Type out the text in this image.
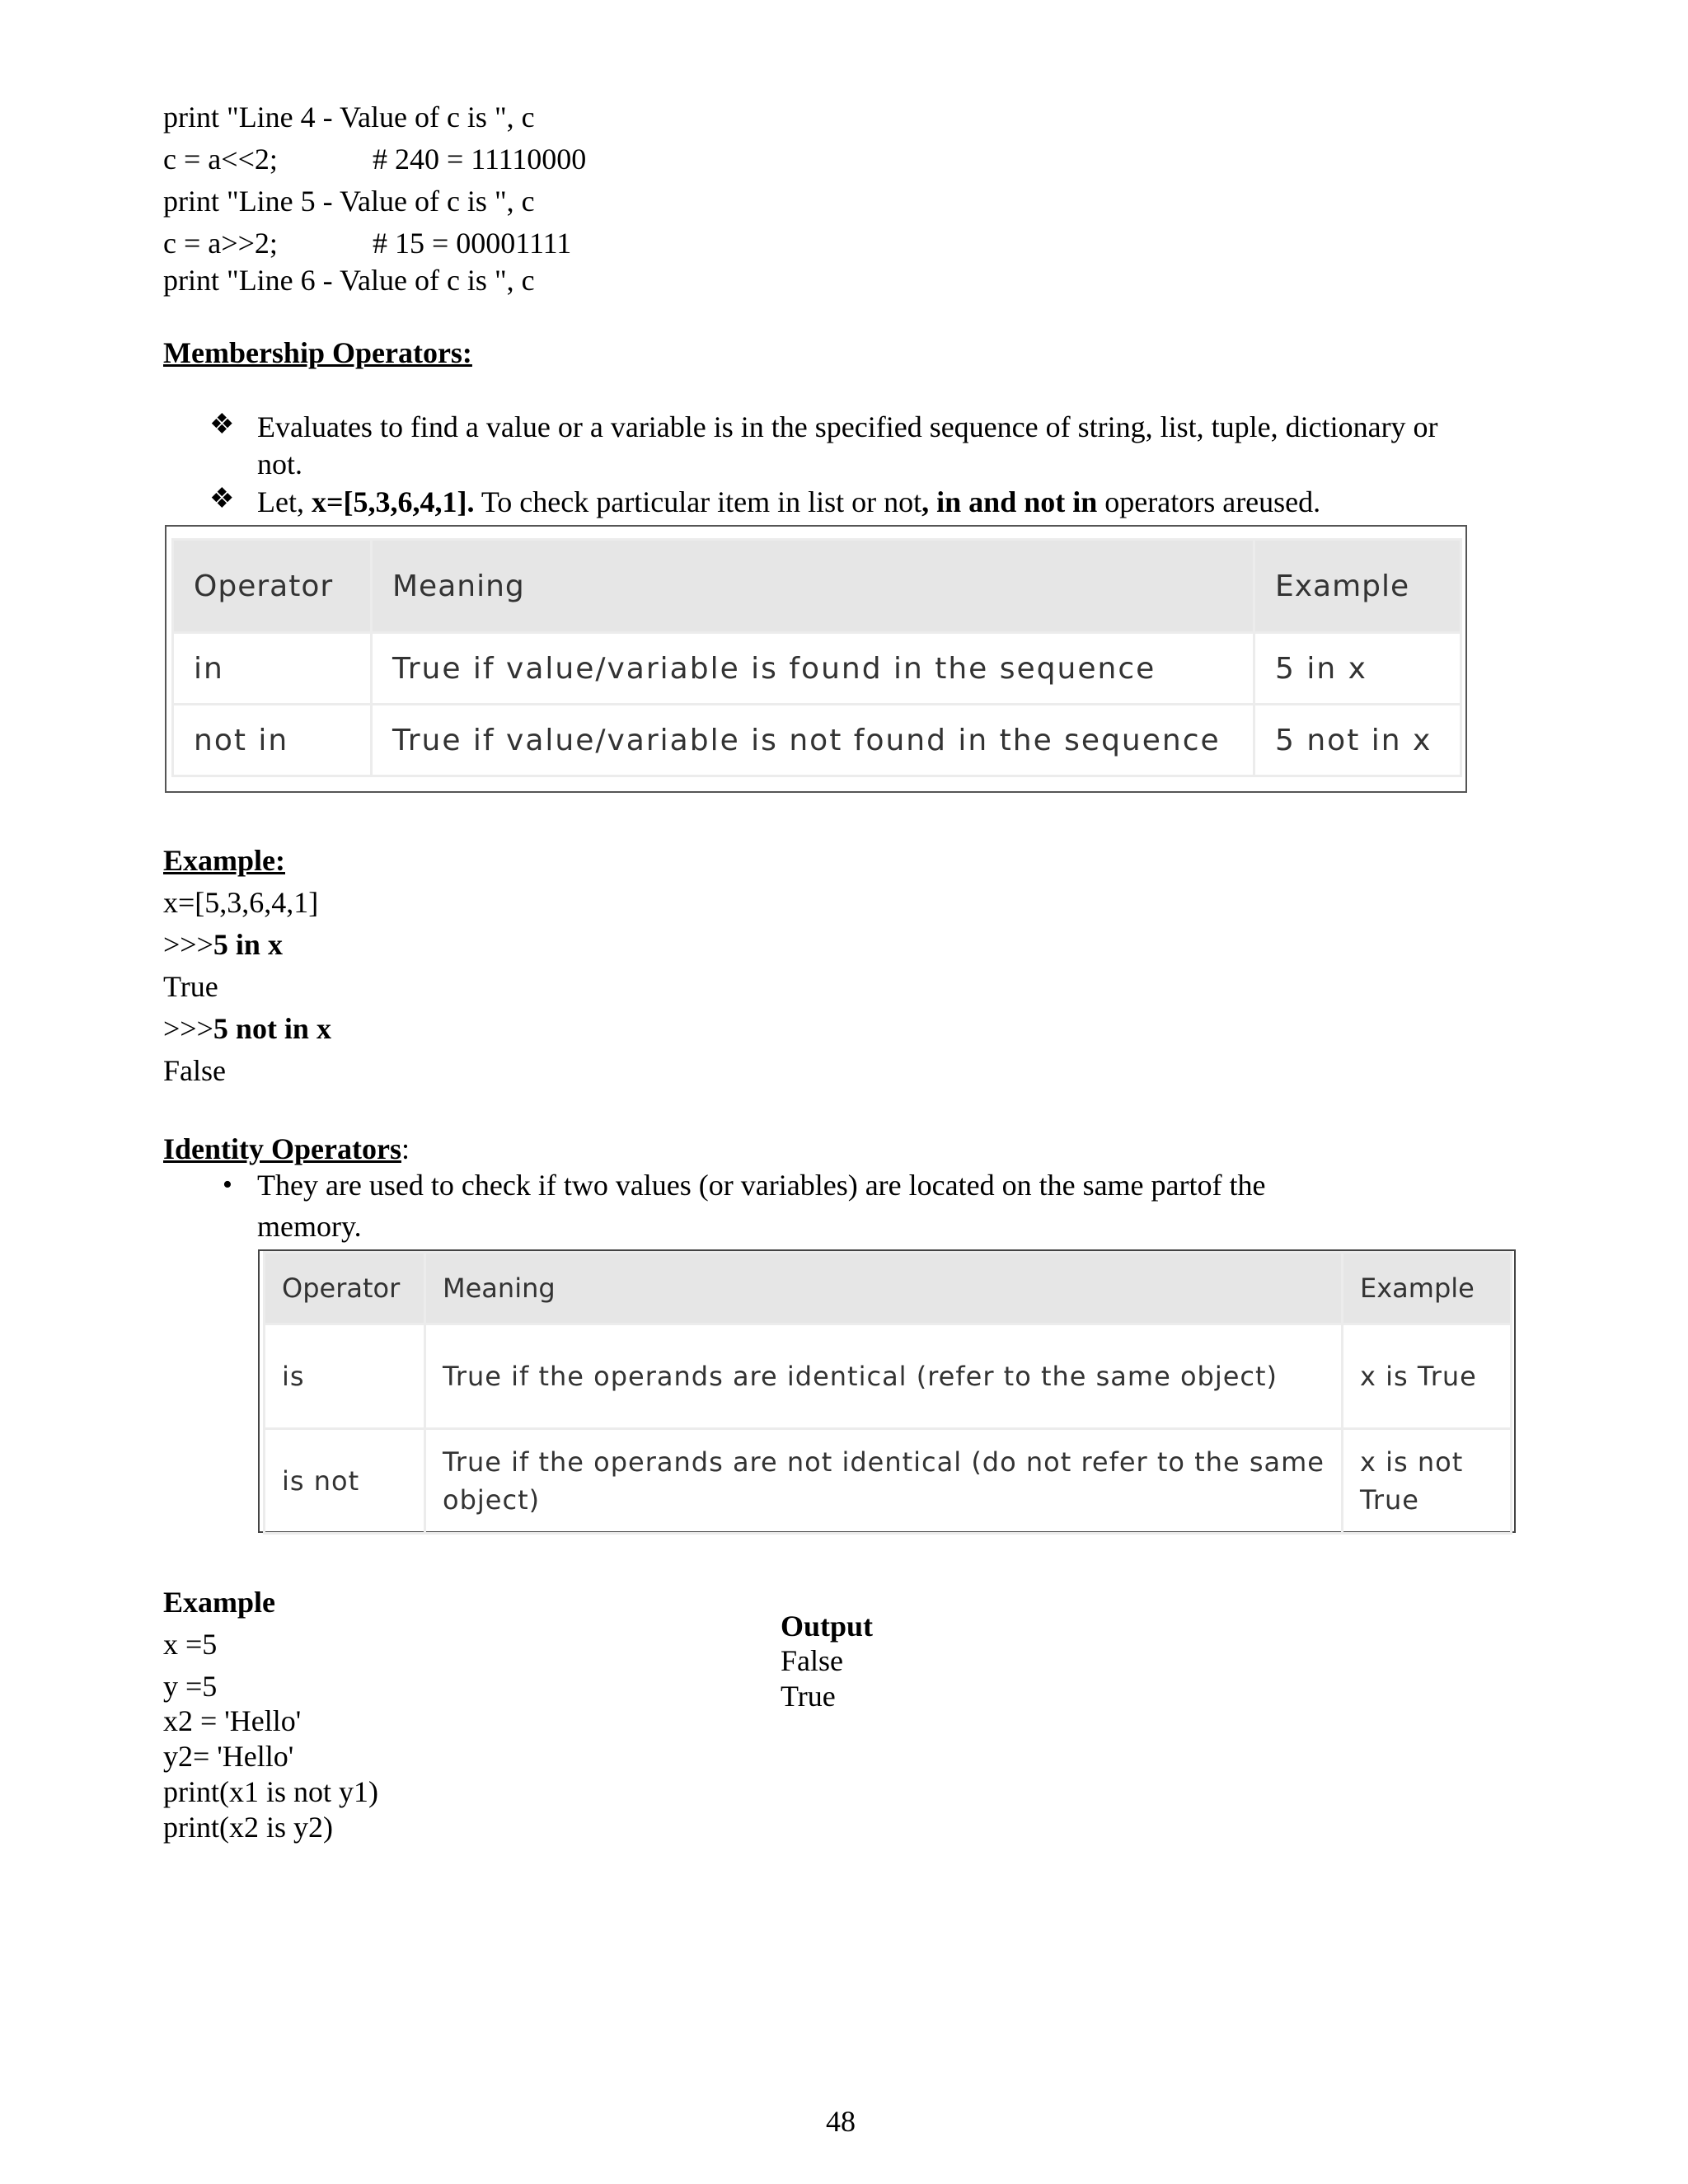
print "Line 4 - Value of c is ", c
c = a<<2;	# 240 = 11110000
print "Line 5 - Value of c is ", c
c = a>>2;	# 15 = 00001111
print "Line 6 - Value of c is ", c
Membership Operators:
❖ Evaluates to find a value or a variable is in the specified sequence of string, list, tuple, dictionary or
not.
❖ Let, x=[5,3,6,4,1]. To check particular item in list or not, in and not in operators areused.
Operator	Meaning	Example
in	True if value/variable is found in the sequence	5 in x
not in	True if value/variable is not found in the sequence	5 not in x
Example:
x=[5,3,6,4,1]
>>>5 in x
True
>>>5 not in x
False
Identity Operators:
• They are used to check if two values (or variables) are located on the same partof the
memory.
Operator	Meaning	Example
is	True if the operands are identical (refer to the same object)	x is True
is not	True if the operands are not identical (do not refer to the same object)	x is not True
Example
x =5
y =5
x2 = 'Hello'
y2= 'Hello'
print(x1 is not y1)
print(x2 is y2)
Output
False
True
48
